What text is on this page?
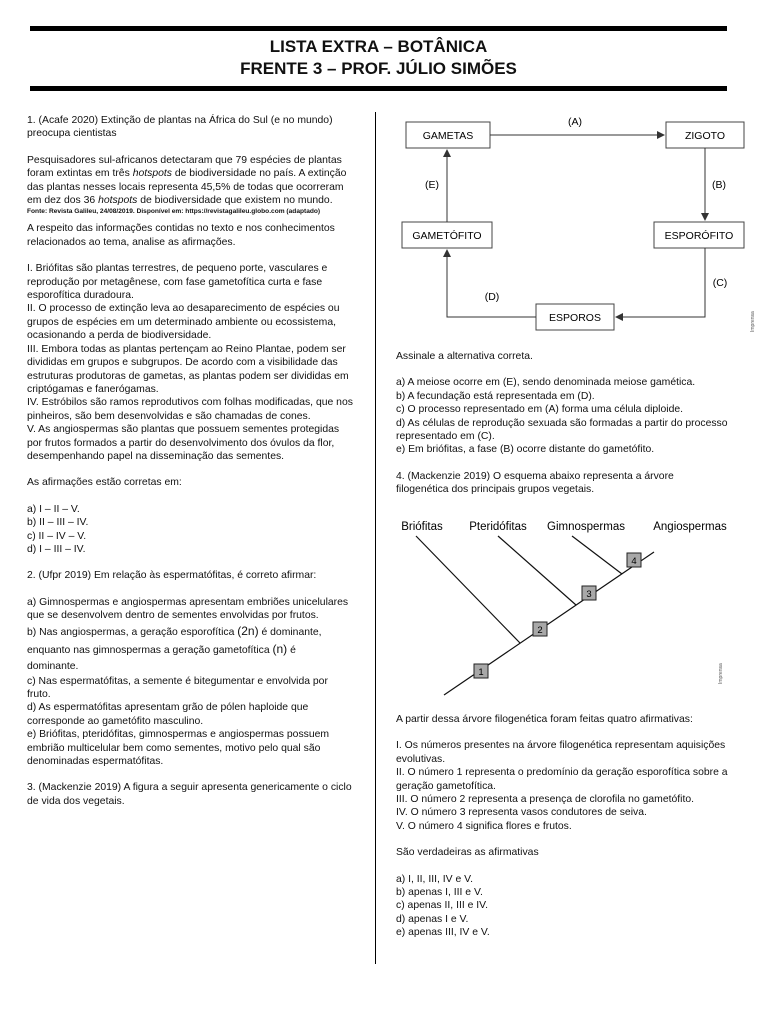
LISTA EXTRA – BOTÂNICA
FRENTE 3 – PROF. JÚLIO SIMÕES

1. (Acafe 2020) Extinção de plantas na África do Sul (e no mundo) preocupa cientistas

Pesquisadores sul-africanos detectaram que 79 espécies de plantas foram extintas em três hotspots de biodiversidade no país. A extinção das plantas nesses locais representa 45,5% de todas que ocorreram em dez dos 36 hotspots de biodiversidade que existem no mundo.

Fonte: Revista Galileu, 24/08/2019. Disponível em: https://revistagalileu.globo.com (adaptado)

A respeito das informações contidas no texto e nos conhecimentos relacionados ao tema, analise as afirmações.

I. Briófitas são plantas terrestres, de pequeno porte, vasculares e reprodução por metagênese, com fase gametofítica curta e fase esporofítica duradoura.

II. O processo de extinção leva ao desaparecimento de espécies ou grupos de espécies em um determinado ambiente ou ecossistema, ocasionando a perda de biodiversidade.

III. Embora todas as plantas pertençam ao Reino Plantae, podem ser divididas em grupos e subgrupos. De acordo com a visibilidade das estruturas produtoras de gametas, as plantas podem ser divididas em criptógamas e fanerógamas.

IV. Estróbilos são ramos reprodutivos com folhas modificadas, que nos pinheiros, são bem desenvolvidas e são chamadas de cones.

V. As angiospermas são plantas que possuem sementes protegidas por frutos formados a partir do desenvolvimento dos óvulos da flor, desempenhando papel na disseminação das sementes.

As afirmações estão corretas em:

a) I – II – V.

b) II – III – IV.

c) II – IV – V.

d) I – III – IV.

2. (Ufpr 2019) Em relação às espermatófitas, é correto afirmar:

a) Gimnospermas e angiospermas apresentam embriões unicelulares que se desenvolvem dentro de sementes envolvidas por frutos.

b) Nas angiospermas, a geração esporofítica (2n) é dominante,
enquanto nas gimnospermas a geração gametofítica (n) é
dominante.

c) Nas espermatófitas, a semente é bitegumentar e envolvida por fruto.

d) As espermatófitas apresentam grão de pólen haploide que corresponde ao gametófito masculino.

e) Briófitas, pteridófitas, gimnospermas e angiospermas possuem embrião multicelular bem como sementes, motivo pelo qual são denominadas espermatófitas.

3. (Mackenzie 2019) A figura a seguir apresenta genericamente o ciclo de vida dos vegetais.

GAMETAS	ZIGOTO
GAMETÓFITO	ESPORÓFITO
ESPOROS
(A)
(B)
(C)
(D)
(E)
Imprensa

Assinale a alternativa correta.

a) A meiose ocorre em (E), sendo denominada meiose gamética.

b) A fecundação está representada em (D).

c) O processo representado em (A) forma uma célula diploide.

d) As células de reprodução sexuada são formadas a partir do processo representado em (C).

e) Em briófitas, a fase (B) ocorre distante do gametófito.

4. (Mackenzie 2019) O esquema abaixo representa a árvore filogenética dos principais grupos vegetais.

Briófitas Pteridófitas Gimnospermas Angiospermas
1
2
3
4
Imprensa

A partir dessa árvore filogenética foram feitas quatro afirmativas:

I. Os números presentes na árvore filogenética representam aquisições evolutivas.

II. O número 1 representa o predomínio da geração esporofítica sobre a geração gametofítica.

III. O número 2 representa a presença de clorofila no gametófito.

IV. O número 3 representa vasos condutores de seiva.

V. O número 4 significa flores e frutos.

São verdadeiras as afirmativas

a) I, II, III, IV e V.

b) apenas I, III e V.

c) apenas II, III e IV.

d) apenas I e V.

e) apenas III, IV e V.
